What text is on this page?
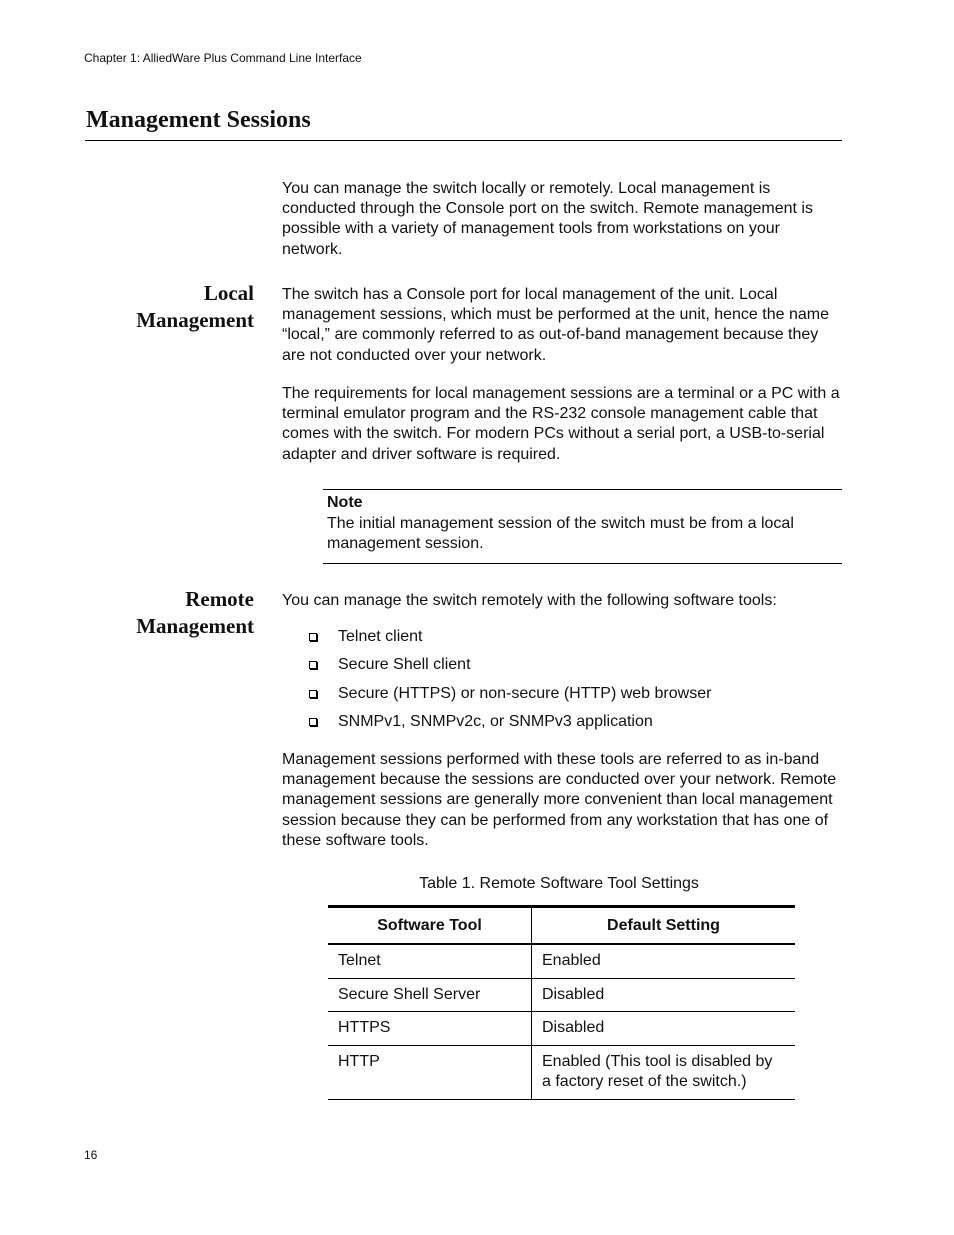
Chapter 1: AlliedWare Plus Command Line Interface
Management Sessions

You can manage the switch locally or remotely. Local management is conducted through the Console port on the switch. Remote management is possible with a variety of management tools from workstations on your network.

Local
Management

The switch has a Console port for local management of the unit. Local management sessions, which must be performed at the unit, hence the name “local,” are commonly referred to as out-of-band management because they are not conducted over your network.

The requirements for local management sessions are a terminal or a PC with a terminal emulator program and the RS-232 console management cable that comes with the switch. For modern PCs without a serial port, a USB-to-serial adapter and driver software is required.

Note

The initial management session of the switch must be from a local management session.

Remote
Management

You can manage the switch remotely with the following software tools:

Telnet client
Secure Shell client
Secure (HTTPS) or non-secure (HTTP) web browser
SNMPv1, SNMPv2c, or SNMPv3 application

Management sessions performed with these tools are referred to as in-band management because the sessions are conducted over your network. Remote management sessions are generally more convenient than local management session because they can be performed from any workstation that has one of these software tools.

Table 1. Remote Software Tool Settings
Software Tool	Default Setting
Telnet	Enabled
Secure Shell Server	Disabled
HTTPS	Disabled
HTTP	Enabled (This tool is disabled by a factory reset of the switch.)
16
